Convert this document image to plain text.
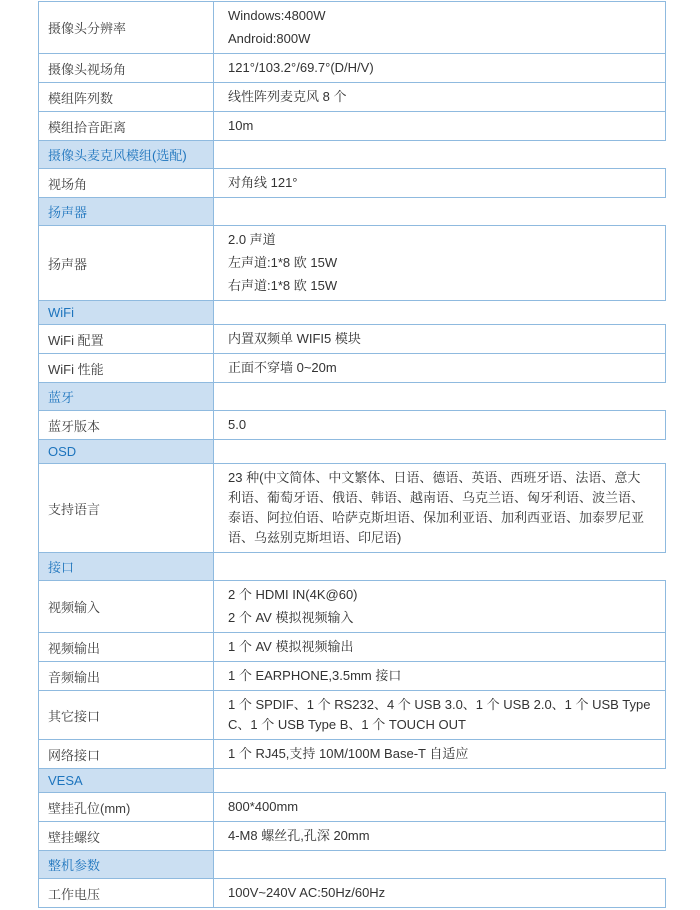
摄像头分辨率	Windows:4800W

Android:800W

摄像头视场角	121°/103.2°/69.7°(D/H/V)

模组阵列数	线性阵列麦克风 8 个

模组拾音距离	10m

摄像头麦克风模组(选配)	
视场角	对角线 121°

扬声器	
扬声器	2.0 声道

左声道:1*8 欧 15W

右声道:1*8 欧 15W

WiFi	
WiFi 配置	内置双频单 WIFI5 模块

WiFi 性能	正面不穿墙 0~20m

蓝牙	
蓝牙版本	5.0

OSD	
支持语言	23 种(中文简体、中文繁体、日语、德语、英语、西班牙语、法语、意大利语、葡萄牙语、俄语、韩语、越南语、乌克兰语、匈牙利语、波兰语、泰语、阿拉伯语、哈萨克斯坦语、保加利亚语、加利西亚语、加泰罗尼亚语、乌兹别克斯坦语、印尼语)

接口	
视频输入	2 个 HDMI IN(4K@60)

2 个 AV 模拟视频输入

视频输出	1 个 AV 模拟视频输出

音频输出	1 个 EARPHONE,3.5mm 接口

其它接口	1 个 SPDIF、1 个 RS232、4 个 USB 3.0、1 个 USB 2.0、1 个 USB Type C、1 个 USB Type B、1 个 TOUCH OUT

网络接口	1 个 RJ45,支持 10M/100M Base-T 自适应

VESA	
壁挂孔位(mm)	800*400mm

壁挂螺纹	4-M8 螺丝孔,孔深 20mm

整机参数	
工作电压	100V~240V AC:50Hz/60Hz
